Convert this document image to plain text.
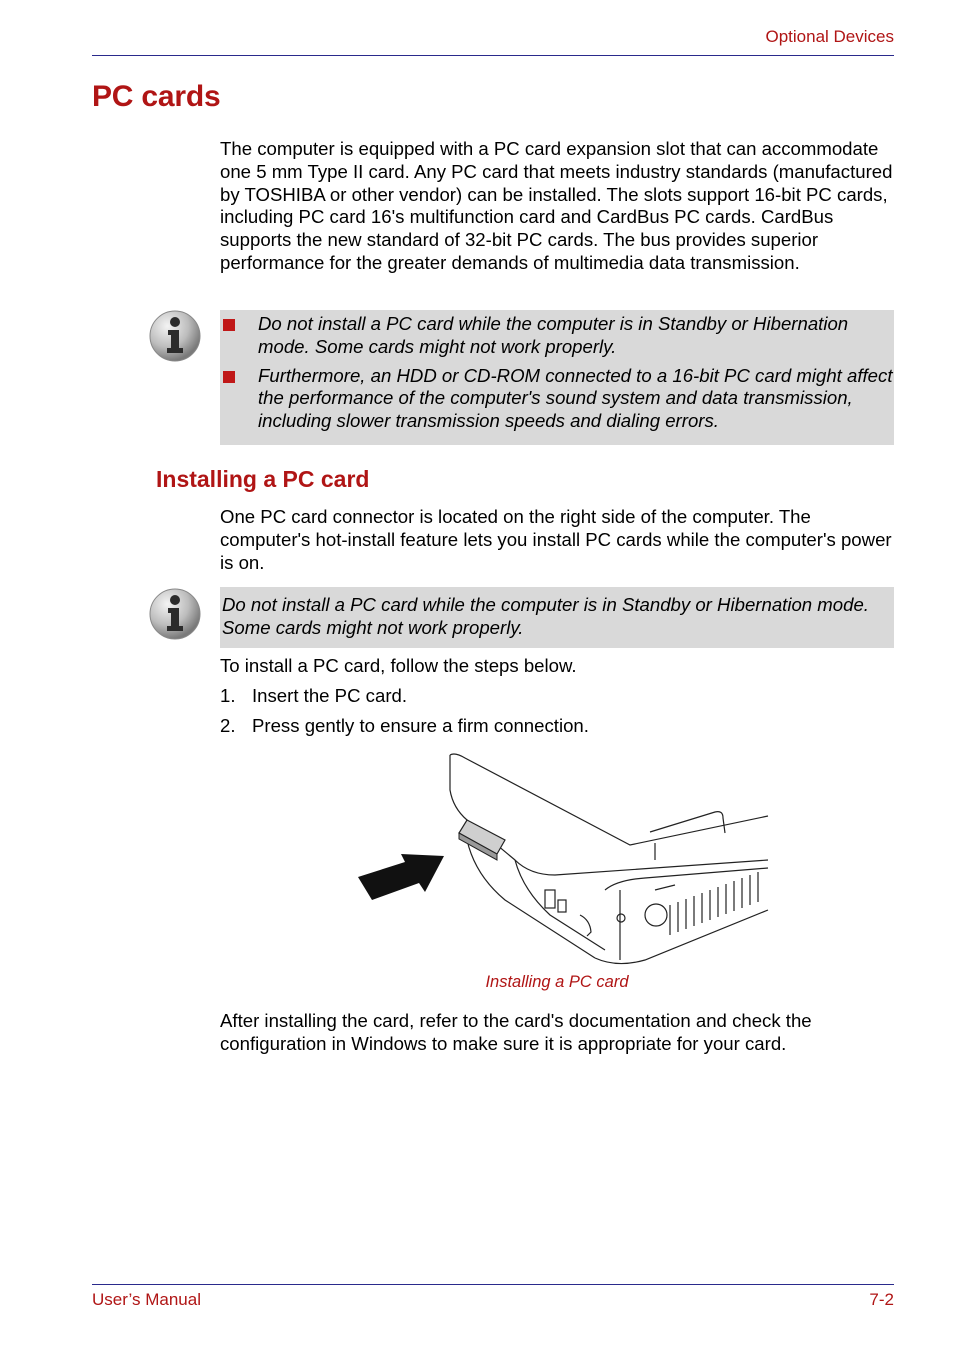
Optional Devices
PC cards

The computer is equipped with a PC card expansion slot that can accommodate one 5 mm Type II card. Any PC card that meets industry standards (manufactured by TOSHIBA or other vendor) can be installed. The slots support 16-bit PC cards, including PC card 16's multifunction card and CardBus PC cards. CardBus supports the new standard of 32-bit PC cards. The bus provides superior performance for the greater demands of multimedia data transmission.

Do not install a PC card while the computer is in Standby or Hibernation mode. Some cards might not work properly.
Furthermore, an HDD or CD-ROM connected to a 16-bit PC card might affect the performance of the computer's sound system and data transmission, including slower transmission speeds and dialing errors.
Installing a PC card

One PC card connector is located on the right side of the computer. The computer's hot-install feature lets you install PC cards while the computer's power is on.

Do not install a PC card while the computer is in Standby or Hibernation mode. Some cards might not work properly.

To install a PC card, follow the steps below.

1. Insert the PC card.
2. Press gently to ensure a firm connection.
Installing a PC card

After installing the card, refer to the card's documentation and check the configuration in Windows to make sure it is appropriate for your card.

User’s Manual	7-2
